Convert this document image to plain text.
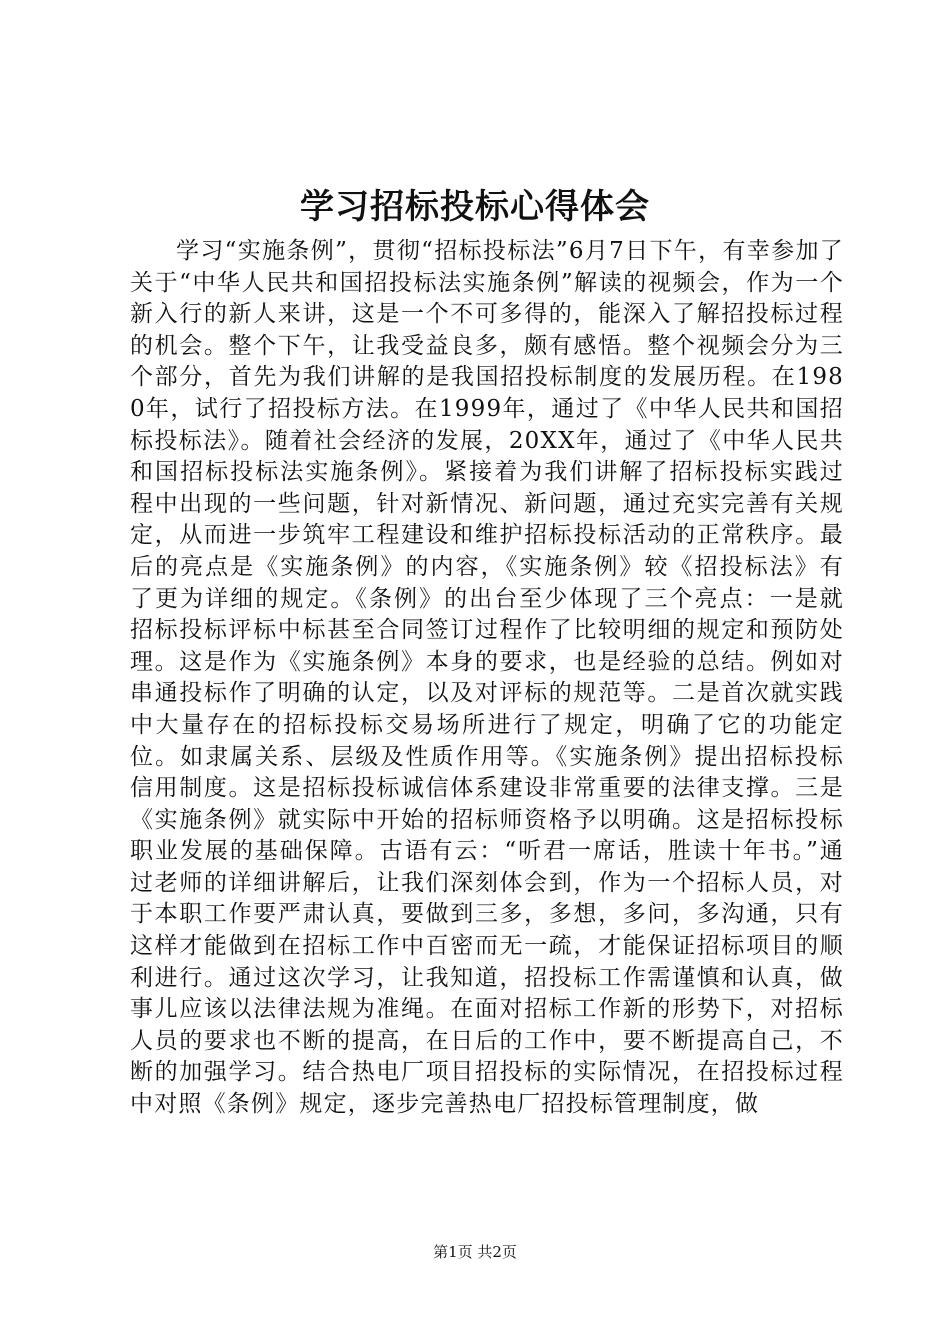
学习招标投标心得体会

学习“实施条例”，贯彻“招标投标法”6月7日下午，有幸参加了关于“中华人民共和国招投标法实施条例”解读的视频会，作为一个新入行的新人来讲，这是一个不可多得的，能深入了解招投标过程的机会。整个下午，让我受益良多，颇有感悟。整个视频会分为三个部分，首先为我们讲解的是我国招投标制度的发展历程。在1980年，试行了招投标方法。在1999年，通过了《中华人民共和国招标投标法》。随着社会经济的发展，20XX年，通过了《中华人民共和国招标投标法实施条例》。紧接着为我们讲解了招标投标实践过程中出现的一些问题，针对新情况、新问题，通过充实完善有关规定，从而进一步筑牢工程建设和维护招标投标活动的正常秩序。最后的亮点是《实施条例》的内容，《实施条例》较《招投标法》有了更为详细的规定。《条例》的出台至少体现了三个亮点：一是就招标投标评标中标甚至合同签订过程作了比较明细的规定和预防处理。这是作为《实施条例》本身的要求，也是经验的总结。例如对串通投标作了明确的认定，以及对评标的规范等。二是首次就实践中大量存在的招标投标交易场所进行了规定，明确了它的功能定位。如隶属关系、层级及性质作用等。《实施条例》提出招标投标信用制度。这是招标投标诚信体系建设非常重要的法律支撑。三是《实施条例》就实际中开始的招标师资格予以明确。这是招标投标职业发展的基础保障。古语有云：“听君一席话，胜读十年书。”通过老师的详细讲解后，让我们深刻体会到，作为一个招标人员，对于本职工作要严肃认真，要做到三多，多想，多问，多沟通，只有这样才能做到在招标工作中百密而无一疏，才能保证招标项目的顺利进行。通过这次学习，让我知道，招投标工作需谨慎和认真，做事儿应该以法律法规为准绳。在面对招标工作新的形势下，对招标人员的要求也不断的提高，在日后的工作中，要不断提高自己，不断的加强学习。结合热电厂项目招投标的实际情况，在招投标过程中对照《条例》规定，逐步完善热电厂招投标管理制度，做

第1页 共2页
